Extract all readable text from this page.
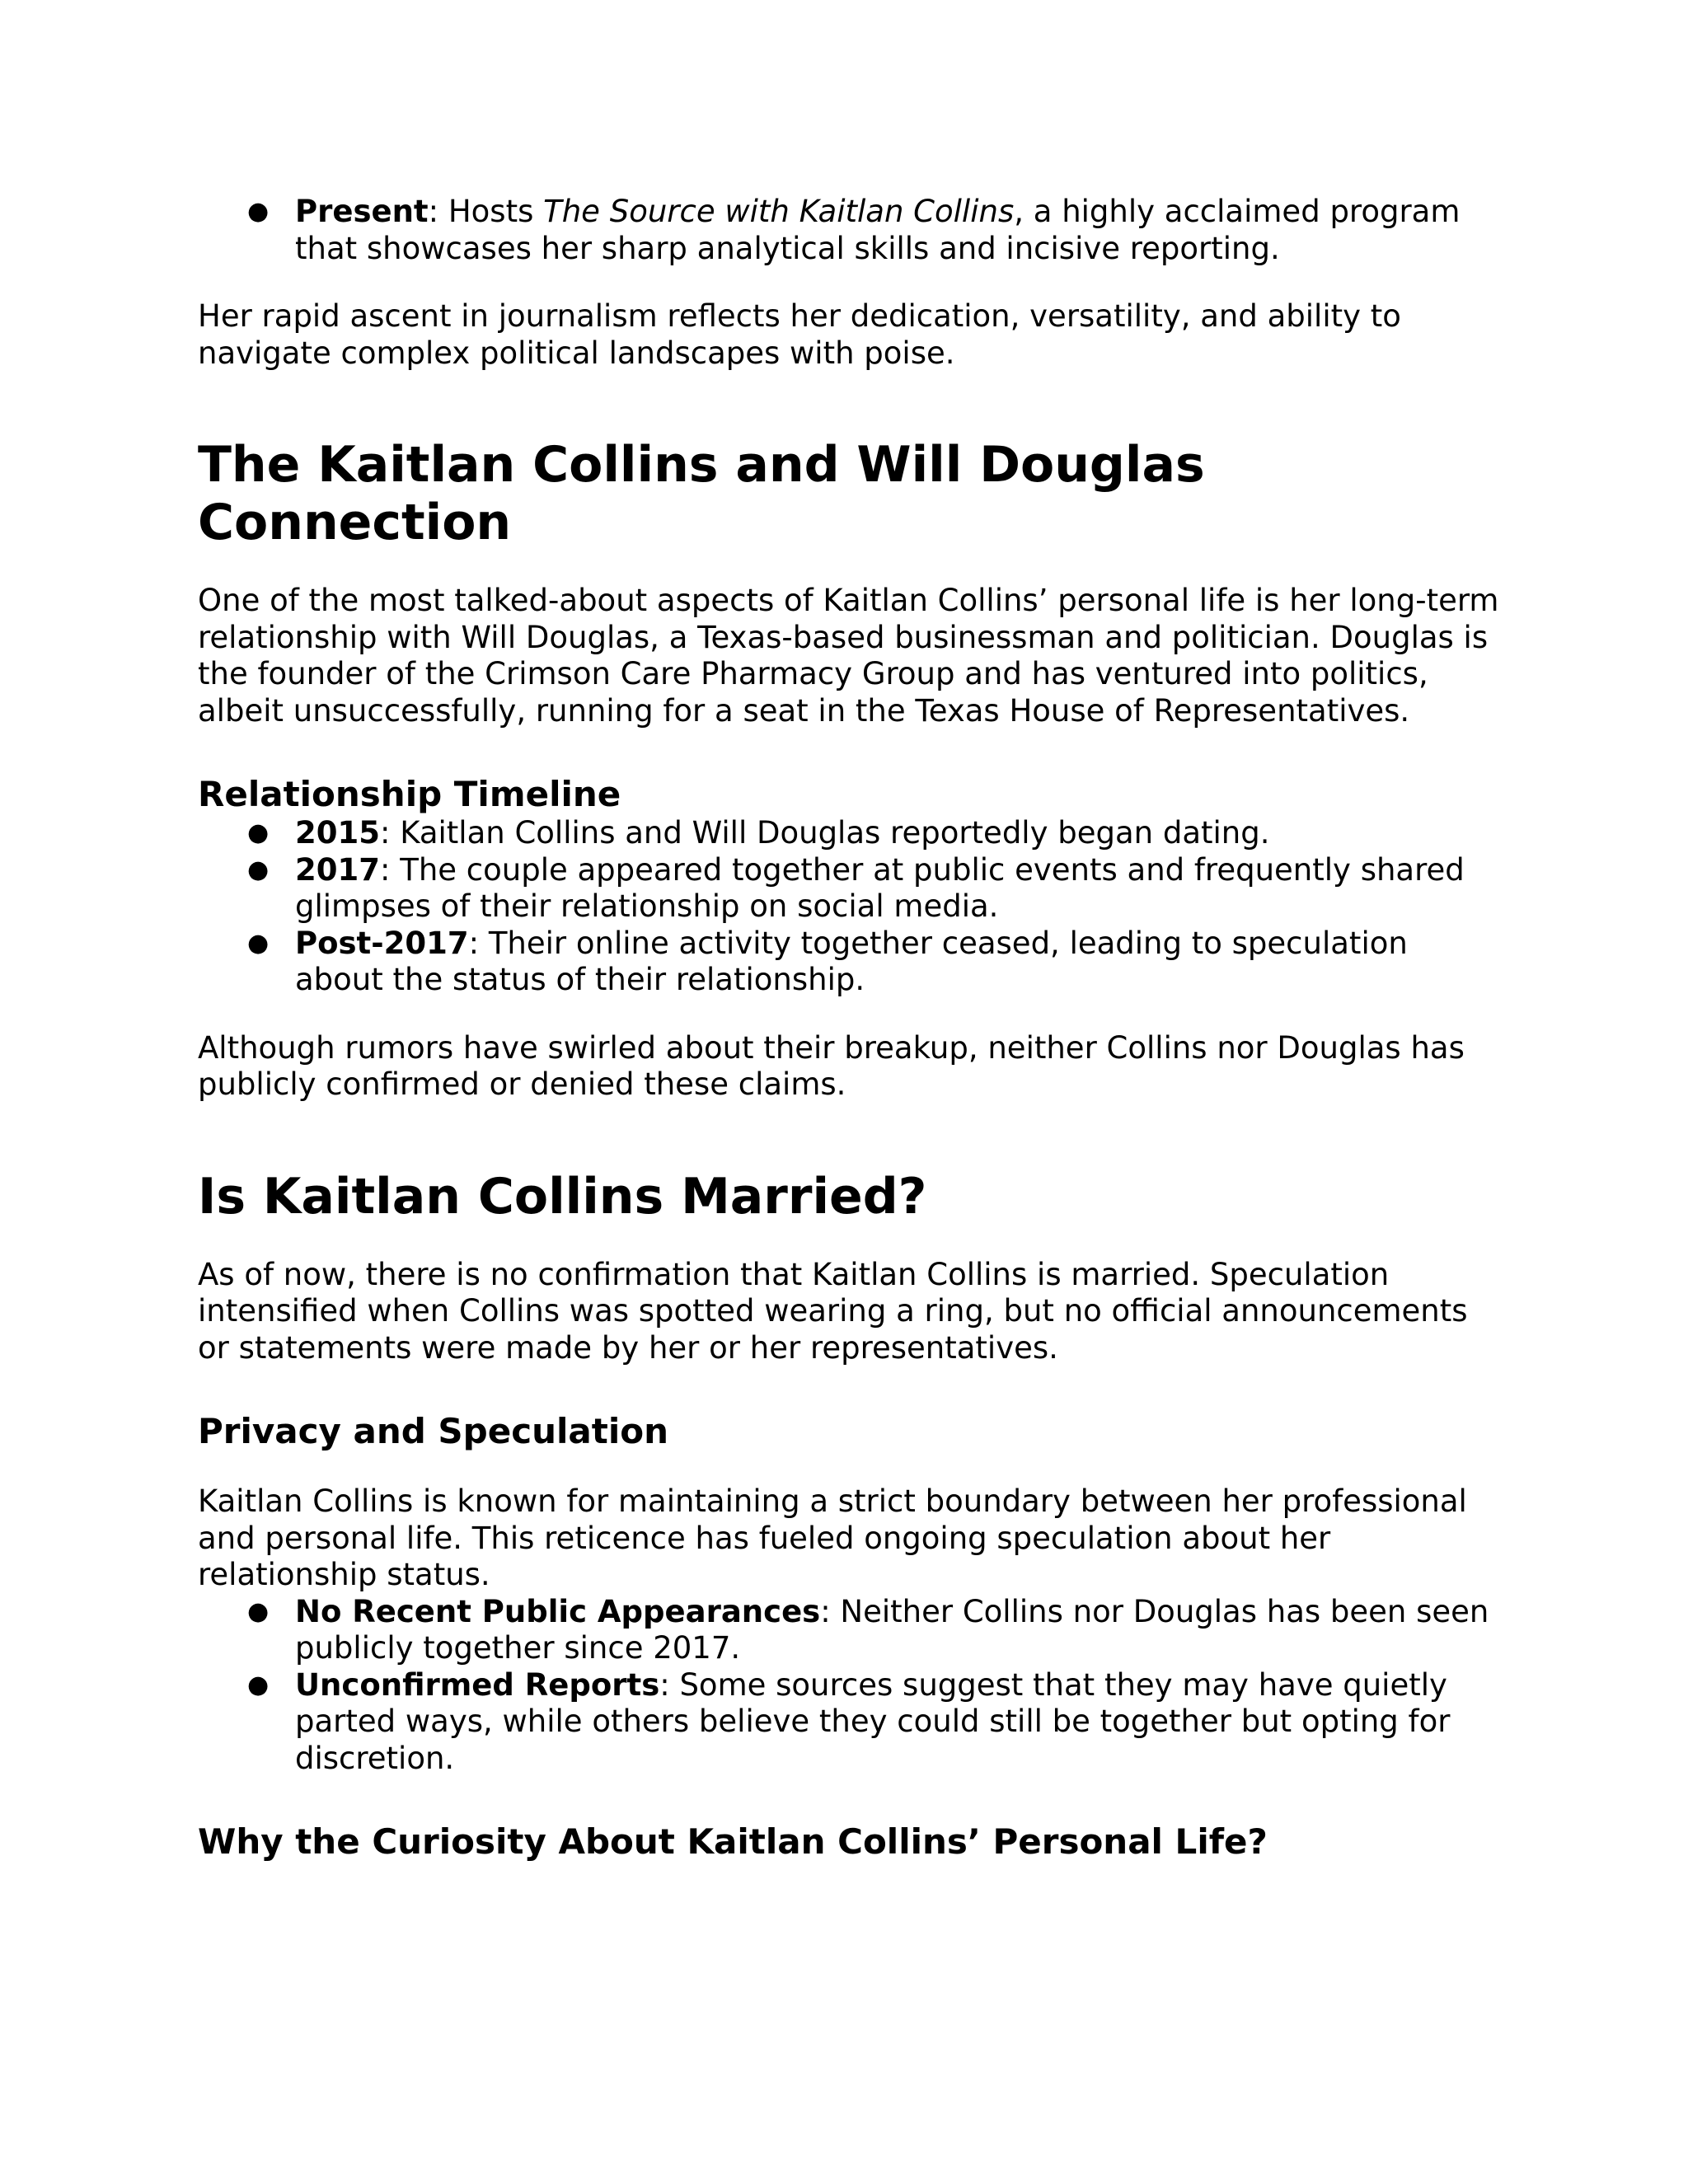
● Present: Hosts The Source with Kaitlan Collins, a highly acclaimed program that showcases her sharp analytical skills and incisive reporting.

Her rapid ascent in journalism reflects her dedication, versatility, and ability to navigate complex political landscapes with poise.

The Kaitlan Collins and Will Douglas Connection

One of the most talked-about aspects of Kaitlan Collins’ personal life is her long-term relationship with Will Douglas, a Texas-based businessman and politician. Douglas is the founder of the Crimson Care Pharmacy Group and has ventured into politics, albeit unsuccessfully, running for a seat in the Texas House of Representatives.

Relationship Timeline
● 2015: Kaitlan Collins and Will Douglas reportedly began dating.
● 2017: The couple appeared together at public events and frequently shared glimpses of their relationship on social media.
● Post-2017: Their online activity together ceased, leading to speculation about the status of their relationship.

Although rumors have swirled about their breakup, neither Collins nor Douglas has publicly confirmed or denied these claims.

Is Kaitlan Collins Married?

As of now, there is no confirmation that Kaitlan Collins is married. Speculation intensified when Collins was spotted wearing a ring, but no official announcements or statements were made by her or her representatives.

Privacy and Speculation

Kaitlan Collins is known for maintaining a strict boundary between her professional and personal life. This reticence has fueled ongoing speculation about her relationship status.

● No Recent Public Appearances: Neither Collins nor Douglas has been seen publicly together since 2017.
● Unconfirmed Reports: Some sources suggest that they may have quietly parted ways, while others believe they could still be together but opting for discretion.
Why the Curiosity About Kaitlan Collins’ Personal Life?
